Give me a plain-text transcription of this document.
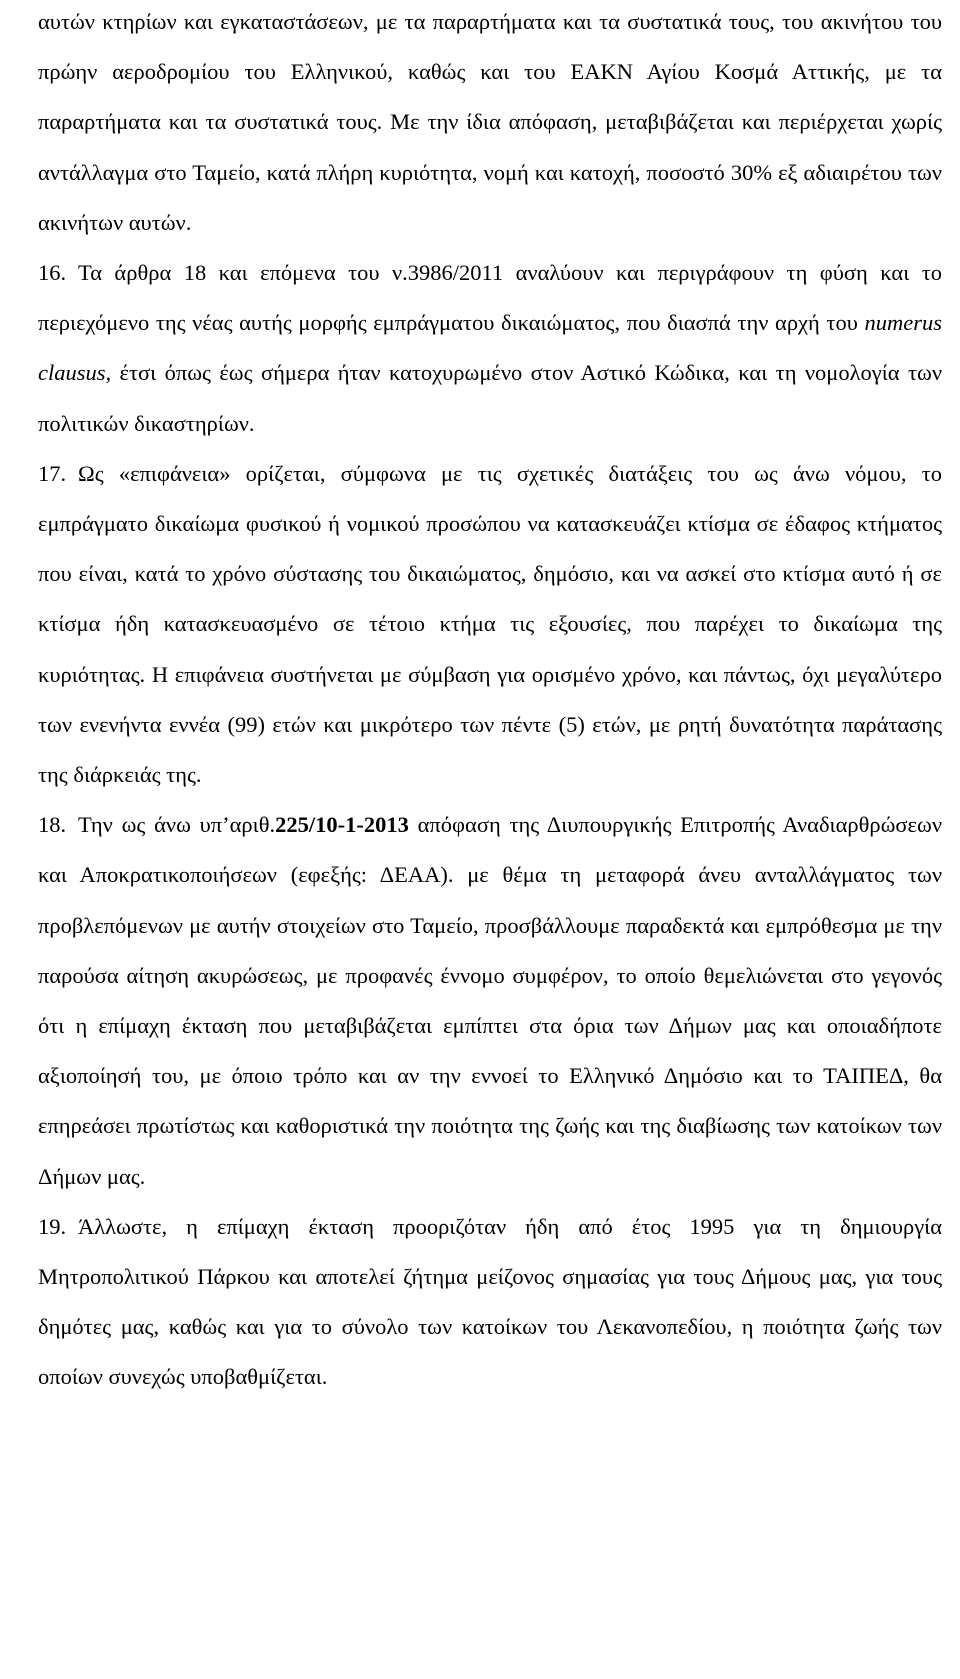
αυτών κτηρίων και εγκαταστάσεων, με τα παραρτήματα και τα συστατικά τους, του ακινήτου του πρώην αεροδρομίου του Ελληνικού, καθώς και του ΕΑΚΝ Αγίου Κοσμά Αττικής, με τα παραρτήματα και τα συστατικά τους. Με την ίδια απόφαση, μεταβιβάζεται και περιέρχεται χωρίς αντάλλαγμα στο Ταμείο, κατά πλήρη κυριότητα, νομή και κατοχή, ποσοστό 30% εξ αδιαιρέτου των ακινήτων αυτών.

16. Τα άρθρα 18 και επόμενα του ν.3986/2011 αναλύουν και περιγράφουν τη φύση και το περιεχόμενο της νέας αυτής μορφής εμπράγματου δικαιώματος, που διασπά την αρχή του numerus clausus, έτσι όπως έως σήμερα ήταν κατοχυρωμένο στον Αστικό Κώδικα, και τη νομολογία των πολιτικών δικαστηρίων.

17. Ως «επιφάνεια» ορίζεται, σύμφωνα με τις σχετικές διατάξεις του ως άνω νόμου, το εμπράγματο δικαίωμα φυσικού ή νομικού προσώπου να κατασκευάζει κτίσμα σε έδαφος κτήματος που είναι, κατά το χρόνο σύστασης του δικαιώματος, δημόσιο, και να ασκεί στο κτίσμα αυτό ή σε κτίσμα ήδη κατασκευασμένο σε τέτοιο κτήμα τις εξουσίες, που παρέχει το δικαίωμα της κυριότητας. Η επιφάνεια συστήνεται με σύμβαση για ορισμένο χρόνο, και πάντως, όχι μεγαλύτερο των ενενήντα εννέα (99) ετών και μικρότερο των πέντε (5) ετών, με ρητή δυνατότητα παράτασης της διάρκειάς της.

18. Την ως άνω υπ’αριθ.225/10-1-2013 απόφαση της Διυπουργικής Επιτροπής Αναδιαρθρώσεων και Αποκρατικοποιήσεων (εφεξής: ΔΕΑΑ). με θέμα τη μεταφορά άνευ ανταλλάγματος των προβλεπόμενων με αυτήν στοιχείων στο Ταμείο, προσβάλλουμε παραδεκτά και εμπρόθεσμα με την παρούσα αίτηση ακυρώσεως, με προφανές έννομο συμφέρον, το οποίο θεμελιώνεται στο γεγονός ότι η επίμαχη έκταση που μεταβιβάζεται εμπίπτει στα όρια των Δήμων μας και οποιαδήποτε αξιοποίησή του, με όποιο τρόπο και αν την εννοεί το Ελληνικό Δημόσιο και το ΤΑΙΠΕΔ, θα επηρεάσει πρωτίστως και καθοριστικά την ποιότητα της ζωής και της διαβίωσης των κατοίκων των Δήμων μας.

19. Άλλωστε, η επίμαχη έκταση προοριζόταν ήδη από έτος 1995 για τη δημιουργία Μητροπολιτικού Πάρκου και αποτελεί ζήτημα μείζονος σημασίας για τους Δήμους μας, για τους δημότες μας, καθώς και για το σύνολο των κατοίκων του Λεκανοπεδίου, η ποιότητα ζωής των οποίων συνεχώς υποβαθμίζεται.
